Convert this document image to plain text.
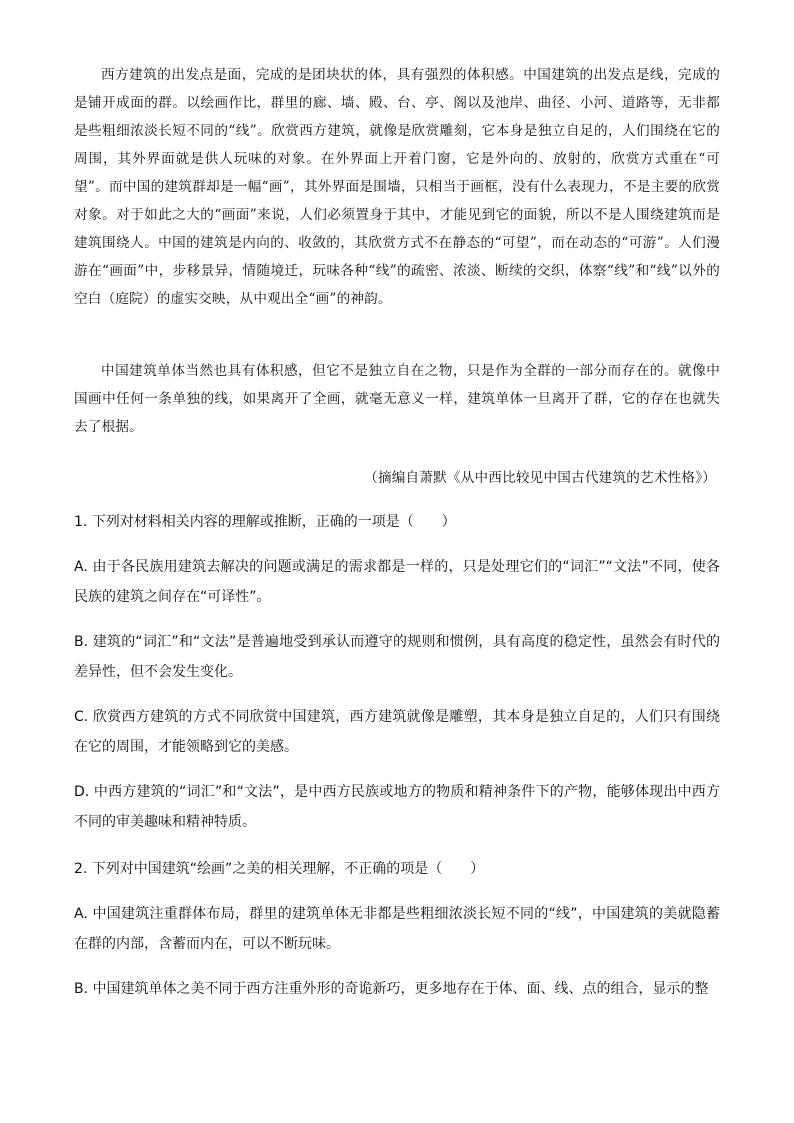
西方建筑的出发点是面，完成的是团块状的体，具有强烈的体积感。中国建筑的出发点是线，完成的是铺开成面的群。以绘画作比，群里的廊、墙、殿、台、亭、阁以及池岸、曲径、小河、道路等，无非都是些粗细浓淡长短不同的“线”。欣赏西方建筑，就像是欣赏雕刻，它本身是独立自足的，人们围绕在它的周围，其外界面就是供人玩味的对象。在外界面上开着门窗，它是外向的、放射的，欣赏方式重在“可望”。而中国的建筑群却是一幅“画”，其外界面是围墙，只相当于画框，没有什么表现力，不是主要的欣赏对象。对于如此之大的“画面”来说，人们必须置身于其中，才能见到它的面貌，所以不是人围绕建筑而是建筑围绕人。中国的建筑是内向的、收敛的，其欣赏方式不在静态的“可望”，而在动态的“可游”。人们漫游在“画面”中，步移景异，情随境迁，玩味各种“线”的疏密、浓淡、断续的交织，体察“线”和“线”以外的空白（庭院）的虚实交映，从中观出全“画”的神韵。

中国建筑单体当然也具有体积感，但它不是独立自在之物，只是作为全群的一部分而存在的。就像中国画中任何一条单独的线，如果离开了全画，就毫无意义一样，建筑单体一旦离开了群，它的存在也就失去了根据。

（摘编自萧默《从中西比较见中国古代建筑的艺术性格》）

1. 下列对材料相关内容的理解或推断，正确的一项是（　　）

A. 由于各民族用建筑去解决的问题或满足的需求都是一样的，只是处理它们的“词汇”“文法”不同，使各民族的建筑之间存在“可译性”。

B. 建筑的“词汇”和“文法”是普遍地受到承认而遵守的规则和惯例，具有高度的稳定性，虽然会有时代的差异性，但不会发生变化。

C. 欣赏西方建筑的方式不同欣赏中国建筑，西方建筑就像是雕塑，其本身是独立自足的，人们只有围绕在它的周围，才能领略到它的美感。

D. 中西方建筑的“词汇”和“文法”，是中西方民族或地方的物质和精神条件下的产物，能够体现出中西方不同的审美趣味和精神特质。

2. 下列对中国建筑“绘画”之美的相关理解，不正确的项是（　　）

A. 中国建筑注重群体布局，群里的建筑单体无非都是些粗细浓淡长短不同的“线”，中国建筑的美就隐蓄在群的内部，含蓄而内在，可以不断玩味。

B. 中国建筑单体之美不同于西方注重外形的奇诡新巧，更多地存在于体、面、线、点的组合，显示的整
